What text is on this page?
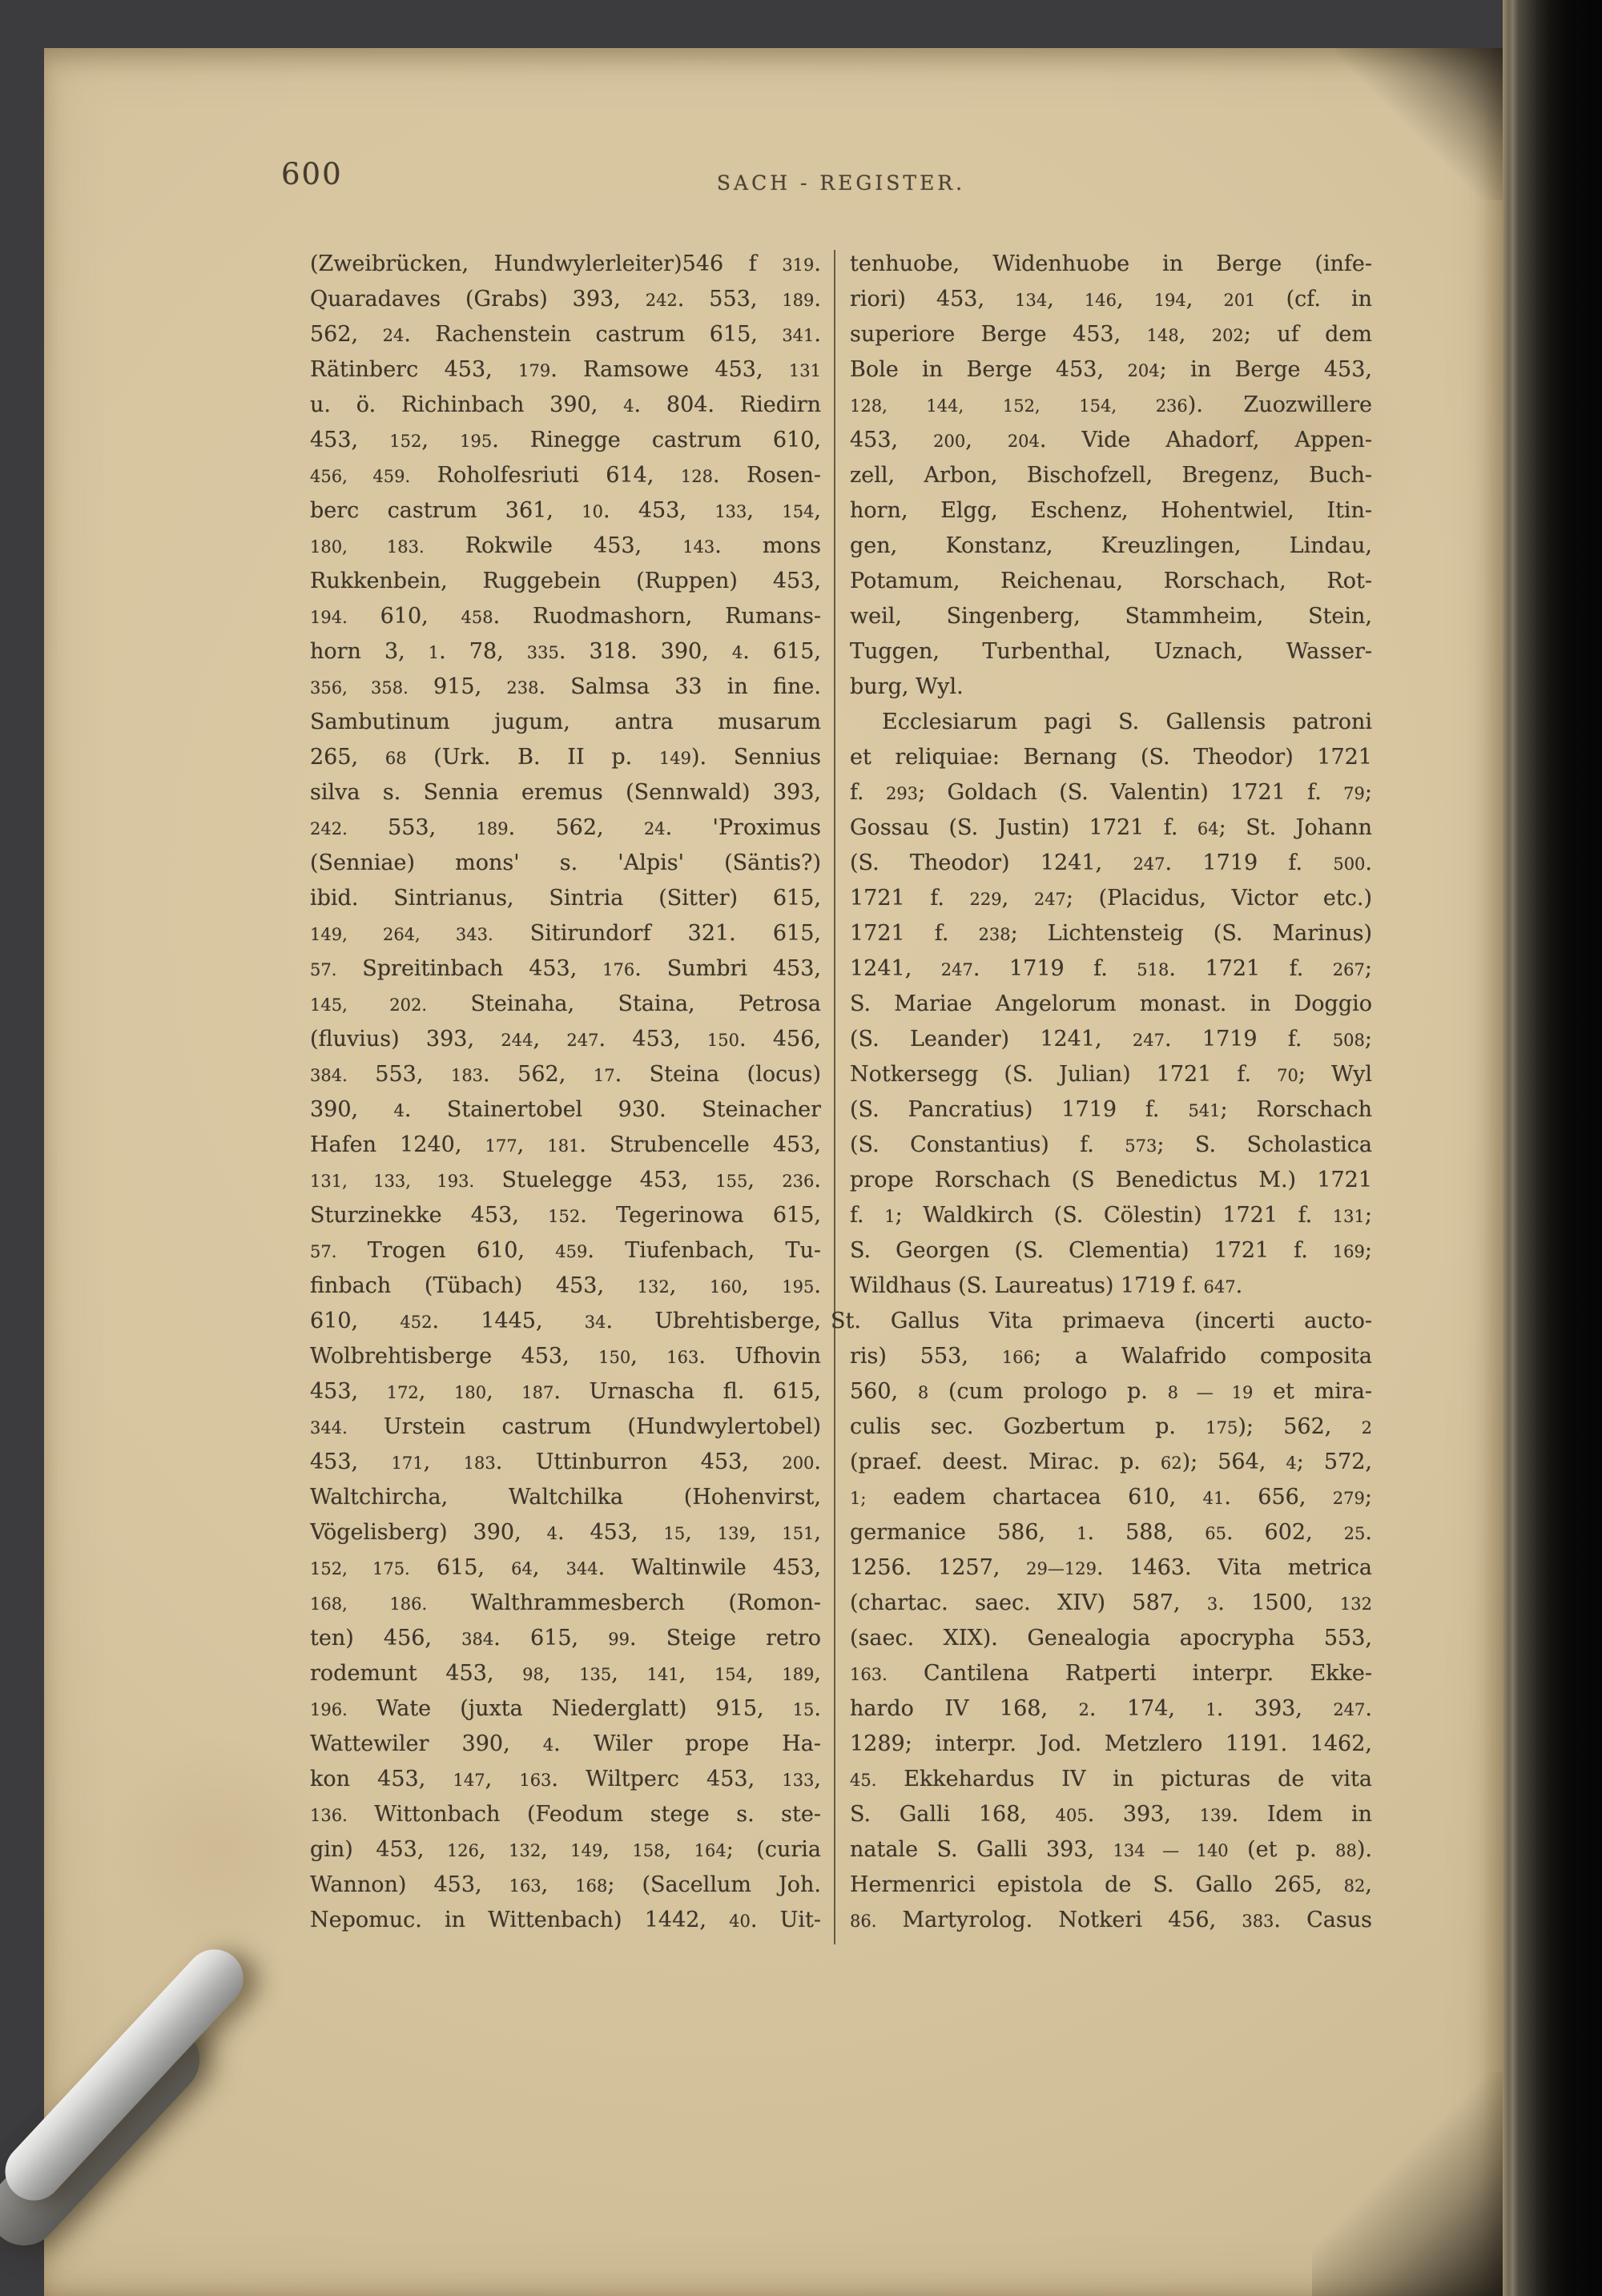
600	SACH - REGISTER.
(Zweibrücken, Hundwylerleiter)546 f 319.
Quaradaves (Grabs) 393, 242. 553, 189.
562, 24. Rachenstein castrum 615, 341.
Rätinberc 453, 179. Ramsowe 453, 131
u. ö. Richinbach 390, 4. 804. Riedirn
453, 152, 195. Rinegge castrum 610,
456, 459. Roholfesriuti 614, 128. Rosen-
berc castrum 361, 10. 453, 133, 154,
180, 183. Rokwile 453, 143. mons
Rukkenbein, Ruggebein (Ruppen) 453,
194. 610, 458. Ruodmashorn, Rumans-
horn 3, 1. 78, 335. 318. 390, 4. 615,
356, 358. 915, 238. Salmsa 33 in fine.
Sambutinum jugum, antra musarum
265, 68 (Urk. B. II p. 149). Sennius
silva s. Sennia eremus (Sennwald) 393,
242. 553, 189. 562, 24. 'Proximus
(Senniae) mons' s. 'Alpis' (Säntis?)
ibid. Sintrianus, Sintria (Sitter) 615,
149, 264, 343. Sitirundorf 321. 615,
57. Spreitinbach 453, 176. Sumbri 453,
145, 202. Steinaha, Staina, Petrosa
(fluvius) 393, 244, 247. 453, 150. 456,
384. 553, 183. 562, 17. Steina (locus)
390, 4. Stainertobel 930. Steinacher
Hafen 1240, 177, 181. Strubencelle 453,
131, 133, 193. Stuelegge 453, 155, 236.
Sturzinekke 453, 152. Tegerinowa 615,
57. Trogen 610, 459. Tiufenbach, Tu-
finbach (Tübach) 453, 132, 160, 195.
610, 452. 1445, 34. Ubrehtisberge,
Wolbrehtisberge 453, 150, 163. Ufhovin
453, 172, 180, 187. Urnascha fl. 615,
344. Urstein castrum (Hundwylertobel)
453, 171, 183. Uttinburron 453, 200.
Waltchircha, Waltchilka (Hohenvirst,
Vögelisberg) 390, 4. 453, 15, 139, 151,
152, 175. 615, 64, 344. Waltinwile 453,
168, 186. Walthrammesberch (Romon-
ten) 456, 384. 615, 99. Steige retro
rodemunt 453, 98, 135, 141, 154, 189,
196. Wate (juxta Niederglatt) 915, 15.
Wattewiler 390, 4. Wiler prope Ha-
kon 453, 147, 163. Wiltperc 453, 133,
136. Wittonbach (Feodum stege s. ste-
gin) 453, 126, 132, 149, 158, 164; (curia
Wannon) 453, 163, 168; (Sacellum Joh.
Nepomuc. in Wittenbach) 1442, 40. Uit-
tenhuobe, Widenhuobe in Berge (infe-
riori) 453, 134, 146, 194, 201 (cf. in
superiore Berge 453, 148, 202; uf dem
Bole in Berge 453, 204; in Berge 453,
128, 144, 152, 154, 236). Zuozwillere
453, 200, 204. Vide Ahadorf, Appen-
zell, Arbon, Bischofzell, Bregenz, Buch-
horn, Elgg, Eschenz, Hohentwiel, Itin-
gen, Konstanz, Kreuzlingen, Lindau,
Potamum, Reichenau, Rorschach, Rot-
weil, Singenberg, Stammheim, Stein,
Tuggen, Turbenthal, Uznach, Wasser-
burg, Wyl.
Ecclesiarum pagi S. Gallensis patroni
et reliquiae: Bernang (S. Theodor) 1721
f. 293; Goldach (S. Valentin) 1721 f. 79;
Gossau (S. Justin) 1721 f. 64; St. Johann
(S. Theodor) 1241, 247. 1719 f. 500.
1721 f. 229, 247; (Placidus, Victor etc.)
1721 f. 238; Lichtensteig (S. Marinus)
1241, 247. 1719 f. 518. 1721 f. 267;
S. Mariae Angelorum monast. in Doggio
(S. Leander) 1241, 247. 1719 f. 508;
Notkersegg (S. Julian) 1721 f. 70; Wyl
(S. Pancratius) 1719 f. 541; Rorschach
(S. Constantius) f. 573; S. Scholastica
prope Rorschach (S Benedictus M.) 1721
f. 1; Waldkirch (S. Cölestin) 1721 f. 131;
S. Georgen (S. Clementia) 1721 f. 169;
Wildhaus (S. Laureatus) 1719 f. 647.
St. Gallus Vita primaeva (incerti aucto-
ris) 553, 166; a Walafrido composita
560, 8 (cum prologo p. 8 — 19 et mira-
culis sec. Gozbertum p. 175); 562, 2
(praef. deest. Mirac. p. 62); 564, 4; 572,
1; eadem chartacea 610, 41. 656, 279;
germanice 586, 1. 588, 65. 602, 25.
1256. 1257, 29—129. 1463. Vita metrica
(chartac. saec. XIV) 587, 3. 1500, 132
(saec. XIX). Genealogia apocrypha 553,
163. Cantilena Ratperti interpr. Ekke-
hardo IV 168, 2. 174, 1. 393, 247.
1289; interpr. Jod. Metzlero 1191. 1462,
45. Ekkehardus IV in picturas de vita
S. Galli 168, 405. 393, 139. Idem in
natale S. Galli 393, 134 — 140 (et p. 88).
Hermenrici epistola de S. Gallo 265, 82,
86. Martyrolog. Notkeri 456, 383. Casus
